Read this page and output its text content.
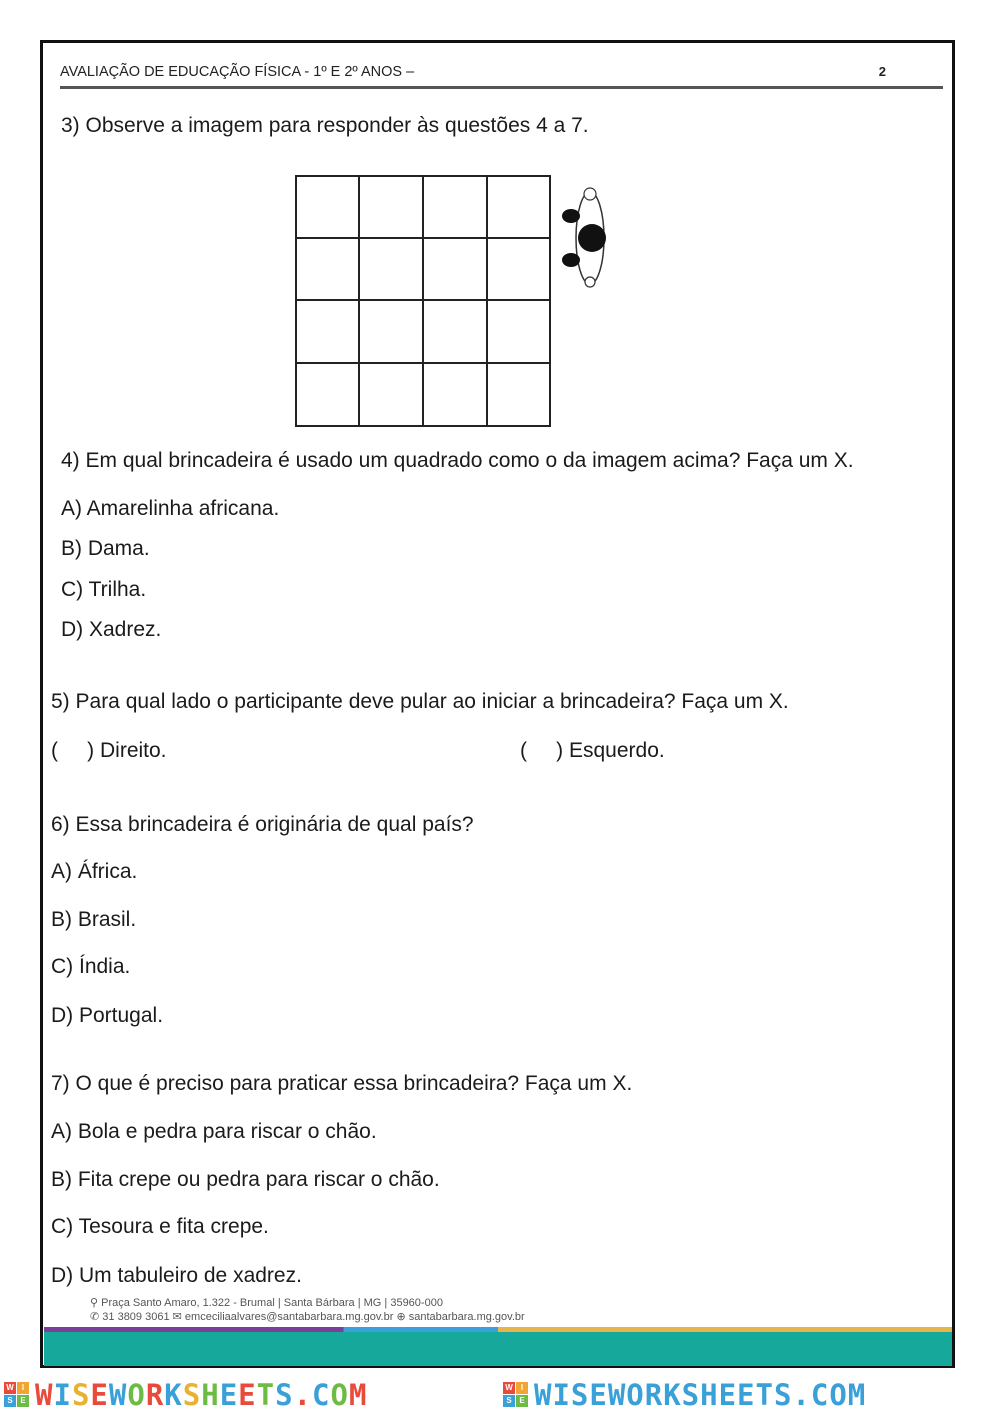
AVALIAÇÃO DE EDUCAÇÃO FÍSICA - 1º E 2º ANOS –	2
3) Observe a imagem para responder às questões 4 a 7.
4) Em qual brincadeira é usado um quadrado como o da imagem acima? Faça um X.
A) Amarelinha africana.
B) Dama.
C) Trilha.
D) Xadrez.
5) Para qual lado o participante deve pular ao iniciar a brincadeira? Faça um X.
(     ) Direito.	(     ) Esquerdo.
6) Essa brincadeira é originária de qual país?
A) África.
B) Brasil.
C) Índia.
D) Portugal.
7) O que é preciso para praticar essa brincadeira? Faça um X.
A) Bola e pedra para riscar o chão.
B) Fita crepe ou pedra para riscar o chão.
C) Tesoura e fita crepe.
D) Um tabuleiro de xadrez.
⚲ Praça Santo Amaro, 1.322 - Brumal | Santa Bárbara | MG | 35960-000
✆ 31 3809 3061 ✉ emcecilia​alvares@santabarbara.mg.gov.br ⊕ santabarbara.mg.gov.br
W	I
S E WISEWORKSHEETS.COM	W	I
S E WISEWORKSHEETS.COM
